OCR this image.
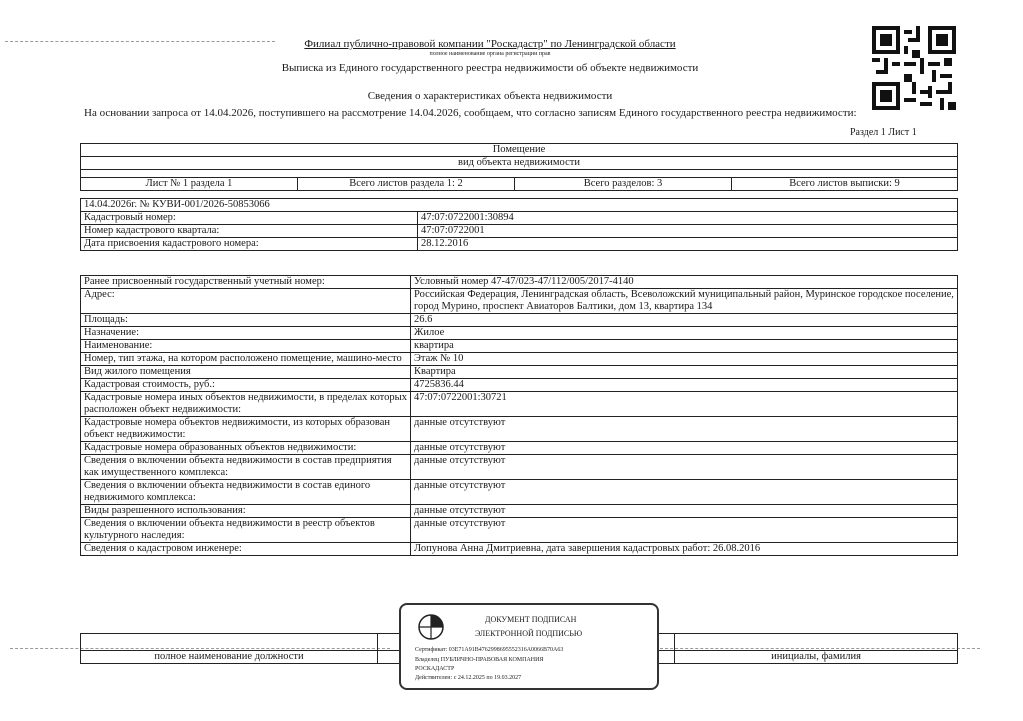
Филиал публично-правовой компании "Роскадастр" по Ленинградской области
полное наименование органа регистрации прав
Выписка из Единого государственного реестра недвижимости об объекте недвижимости
Сведения о характеристиках объекта недвижимости
На основании запроса от 14.04.2026, поступившего на рассмотрение 14.04.2026, сообщаем, что согласно записям Единого государственного реестра недвижимости:
Раздел 1 Лист 1
Помещение
вид объекта недвижимости

Лист № 1 раздела 1	Всего листов раздела 1: 2	Всего разделов: 3	Всего листов выписки: 9
14.04.2026г. № КУВИ-001/2026-50853066	
Кадастровый номер:	47:07:0722001:30894
Номер кадастрового квартала:	47:07:0722001
Дата присвоения кадастрового номера:	28.12.2016
Ранее присвоенный государственный учетный номер:	Условный номер 47-47/023-47/112/005/2017-4140
Адрес:	Российская Федерация, Ленинградская область, Всеволожский муниципальный район, Муринское городское поселение, город Мурино, проспект Авиаторов Балтики, дом 13, квартира 134
Площадь:	26.6
Назначение:	Жилое
Наименование:	квартира
Номер, тип этажа, на котором расположено помещение, машино-место	Этаж № 10
Вид жилого помещения	Квартира
Кадастровая стоимость, руб.:	4725836.44
Кадастровые номера иных объектов недвижимости, в пределах которых расположен объект недвижимости:	47:07:0722001:30721
Кадастровые номера объектов недвижимости, из которых образован объект недвижимости:	данные отсутствуют
Кадастровые номера образованных объектов недвижимости:	данные отсутствуют
Сведения о включении объекта недвижимости в состав предприятия как имущественного комплекса:	данные отсутствуют
Сведения о включении объекта недвижимости в состав единого недвижимого комплекса:	данные отсутствуют
Виды разрешенного использования:	данные отсутствуют
Сведения о включении объекта недвижимости в реестр объектов культурного наследия:	данные отсутствуют
Сведения о кадастровом инженере:	Лопунова Анна Дмитриевна, дата завершения кадастровых работ: 26.08.2016

полное наименование должности		инициалы, фамилия
ДОКУМЕНТ ПОДПИСАН
ЭЛЕКТРОННОЙ ПОДПИСЬЮ
Сертификат: 03E71A91B4762998695552316A0066B70A63
Владелец ПУБЛИЧНО-ПРАВОВАЯ КОМПАНИЯ
РОСКАДАСТР
Действителен: с 24.12.2025 по 19.03.2027
